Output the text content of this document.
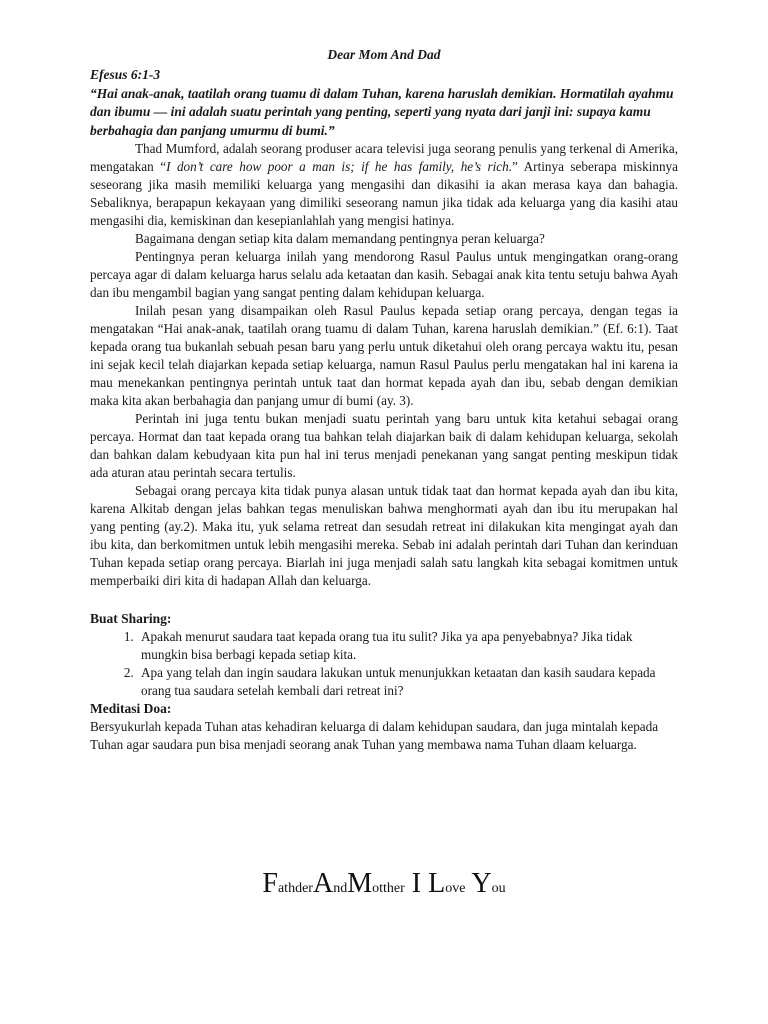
Dear Mom And Dad

Efesus 6:1-3

“Hai anak-anak, taatilah orang tuamu di dalam Tuhan, karena haruslah demikian. Hormatilah ayahmu dan ibumu — ini adalah suatu perintah yang penting, seperti yang nyata dari janji ini: supaya kamu berbahagia dan panjang umurmu di bumi.”

Thad Mumford, adalah seorang produser acara televisi juga seorang penulis yang terkenal di Amerika, mengatakan “I don’t care how poor a man is; if he has family, he’s rich.” Artinya seberapa miskinnya seseorang jika masih memiliki keluarga yang mengasihi dan dikasihi ia akan merasa kaya dan bahagia. Sebaliknya, berapapun kekayaan yang dimiliki seseorang namun jika tidak ada keluarga yang dia kasihi atau mengasihi dia, kemiskinan dan kesepianlahlah yang mengisi hatinya.

Bagaimana dengan setiap kita dalam memandang pentingnya peran keluarga?

Pentingnya peran keluarga inilah yang mendorong Rasul Paulus untuk mengingatkan orang-orang percaya agar di dalam keluarga harus selalu ada ketaatan dan kasih. Sebagai anak kita tentu setuju bahwa Ayah dan ibu mengambil bagian yang sangat penting dalam kehidupan keluarga.

Inilah pesan yang disampaikan oleh Rasul Paulus kepada setiap orang percaya, dengan tegas ia mengatakan “Hai anak-anak, taatilah orang tuamu di dalam Tuhan, karena haruslah demikian.” (Ef. 6:1). Taat kepada orang tua bukanlah sebuah pesan baru yang perlu untuk diketahui oleh orang percaya waktu itu, pesan ini sejak kecil telah diajarkan kepada setiap keluarga, namun Rasul Paulus perlu mengatakan hal ini karena ia mau menekankan pentingnya perintah untuk taat dan hormat kepada ayah dan ibu, sebab dengan demikian maka kita akan berbahagia dan panjang umur di bumi (ay. 3).

Perintah ini juga tentu bukan menjadi suatu perintah yang baru untuk kita ketahui sebagai orang percaya. Hormat dan taat kepada orang tua bahkan telah diajarkan baik di dalam kehidupan keluarga, sekolah dan bahkan dalam kebudyaan kita pun hal ini terus menjadi penekanan yang sangat penting meskipun tidak ada aturan atau perintah secara tertulis.

Sebagai orang percaya kita tidak punya alasan untuk tidak taat dan hormat kepada ayah dan ibu kita, karena Alkitab dengan jelas bahkan tegas menuliskan bahwa menghormati ayah dan ibu itu merupakan hal yang penting (ay.2). Maka itu, yuk selama retreat dan sesudah retreat ini dilakukan kita mengingat ayah dan ibu kita, dan berkomitmen untuk lebih mengasihi mereka. Sebab ini adalah perintah dari Tuhan dan kerinduan Tuhan kepada setiap orang percaya. Biarlah ini juga menjadi salah satu langkah kita sebagai komitmen untuk memperbaiki diri kita di hadapan Allah dan keluarga.

Buat Sharing:

1. Apakah menurut saudara taat kepada orang tua itu sulit? Jika ya apa penyebabnya? Jika tidak mungkin bisa berbagi kepada setiap kita.
2. Apa yang telah dan ingin saudara lakukan untuk menunjukkan ketaatan dan kasih saudara kepada orang tua saudara setelah kembali dari retreat ini?

Meditasi Doa:

Bersyukurlah kepada Tuhan atas kehadiran keluarga di dalam kehidupan saudara, dan juga mintalah kepada Tuhan agar saudara pun bisa menjadi seorang anak Tuhan yang membawa nama Tuhan dlaam keluarga.

FathderAndMotther I Love You
